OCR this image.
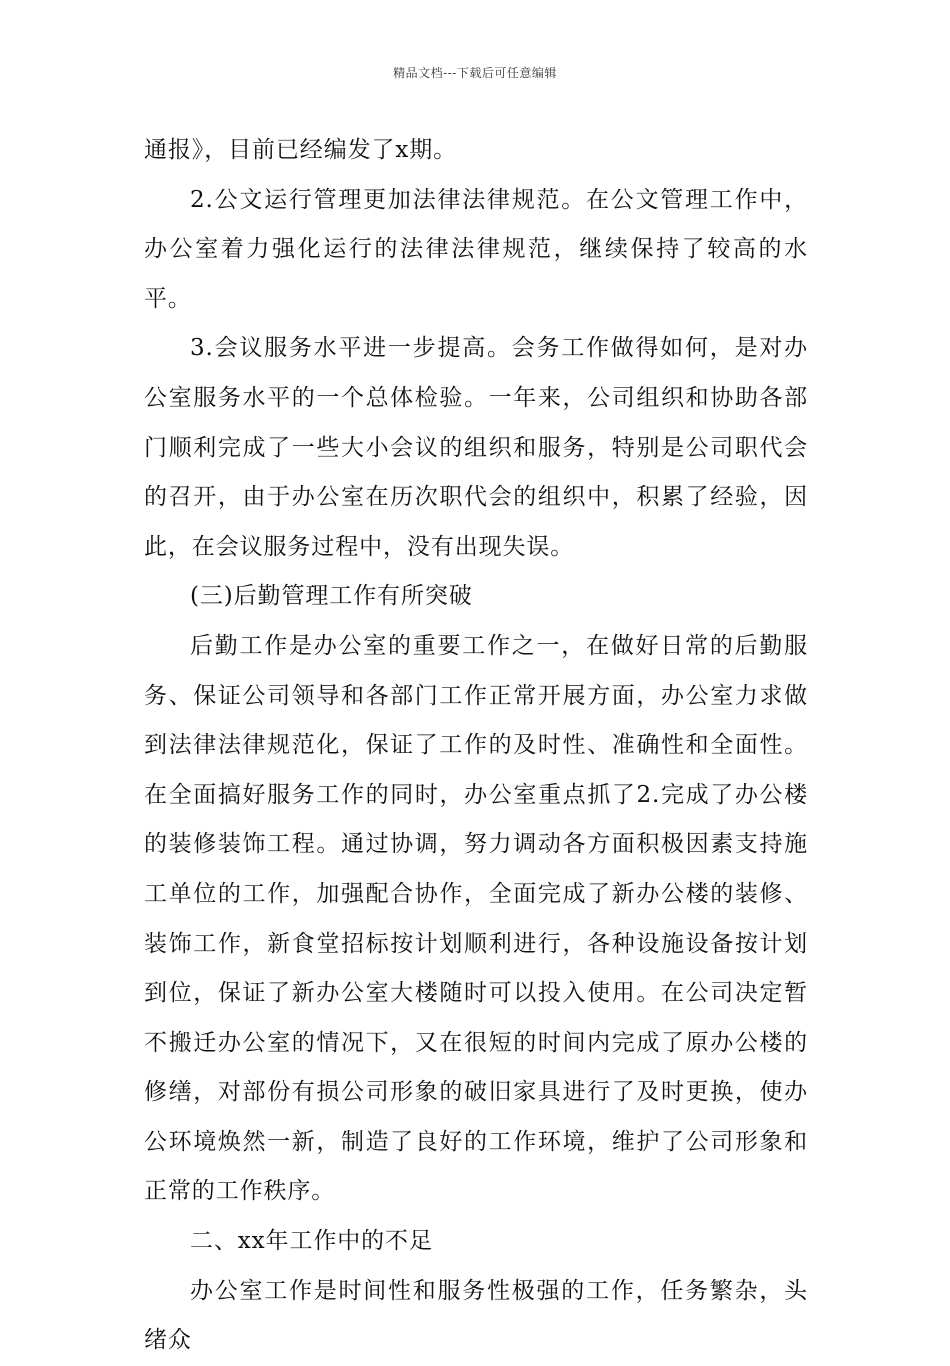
精品文档---下载后可任意编辑

通报》，目前已经编发了x期。

2.公文运行管理更加法律法律规范。在公文管理工作中，办公室着力强化运行的法律法律规范，继续保持了较高的水平。

3.会议服务水平进一步提高。会务工作做得如何，是对办公室服务水平的一个总体检验。一年来，公司组织和协助各部门顺利完成了一些大小会议的组织和服务，特别是公司职代会的召开，由于办公室在历次职代会的组织中，积累了经验，因此，在会议服务过程中，没有出现失误。

(三)后勤管理工作有所突破

后勤工作是办公室的重要工作之一，在做好日常的后勤服务、保证公司领导和各部门工作正常开展方面，办公室力求做到法律法律规范化，保证了工作的及时性、准确性和全面性。在全面搞好服务工作的同时，办公室重点抓了2.完成了办公楼的装修装饰工程。通过协调，努力调动各方面积极因素支持施工单位的工作，加强配合协作，全面完成了新办公楼的装修、装饰工作，新食堂招标按计划顺利进行，各种设施设备按计划到位，保证了新办公室大楼随时可以投入使用。在公司决定暂不搬迁办公室的情况下，又在很短的时间内完成了原办公楼的修缮，对部份有损公司形象的破旧家具进行了及时更换，使办公环境焕然一新，制造了良好的工作环境，维护了公司形象和正常的工作秩序。

二、xx年工作中的不足

办公室工作是时间性和服务性极强的工作，任务繁杂，头绪众
